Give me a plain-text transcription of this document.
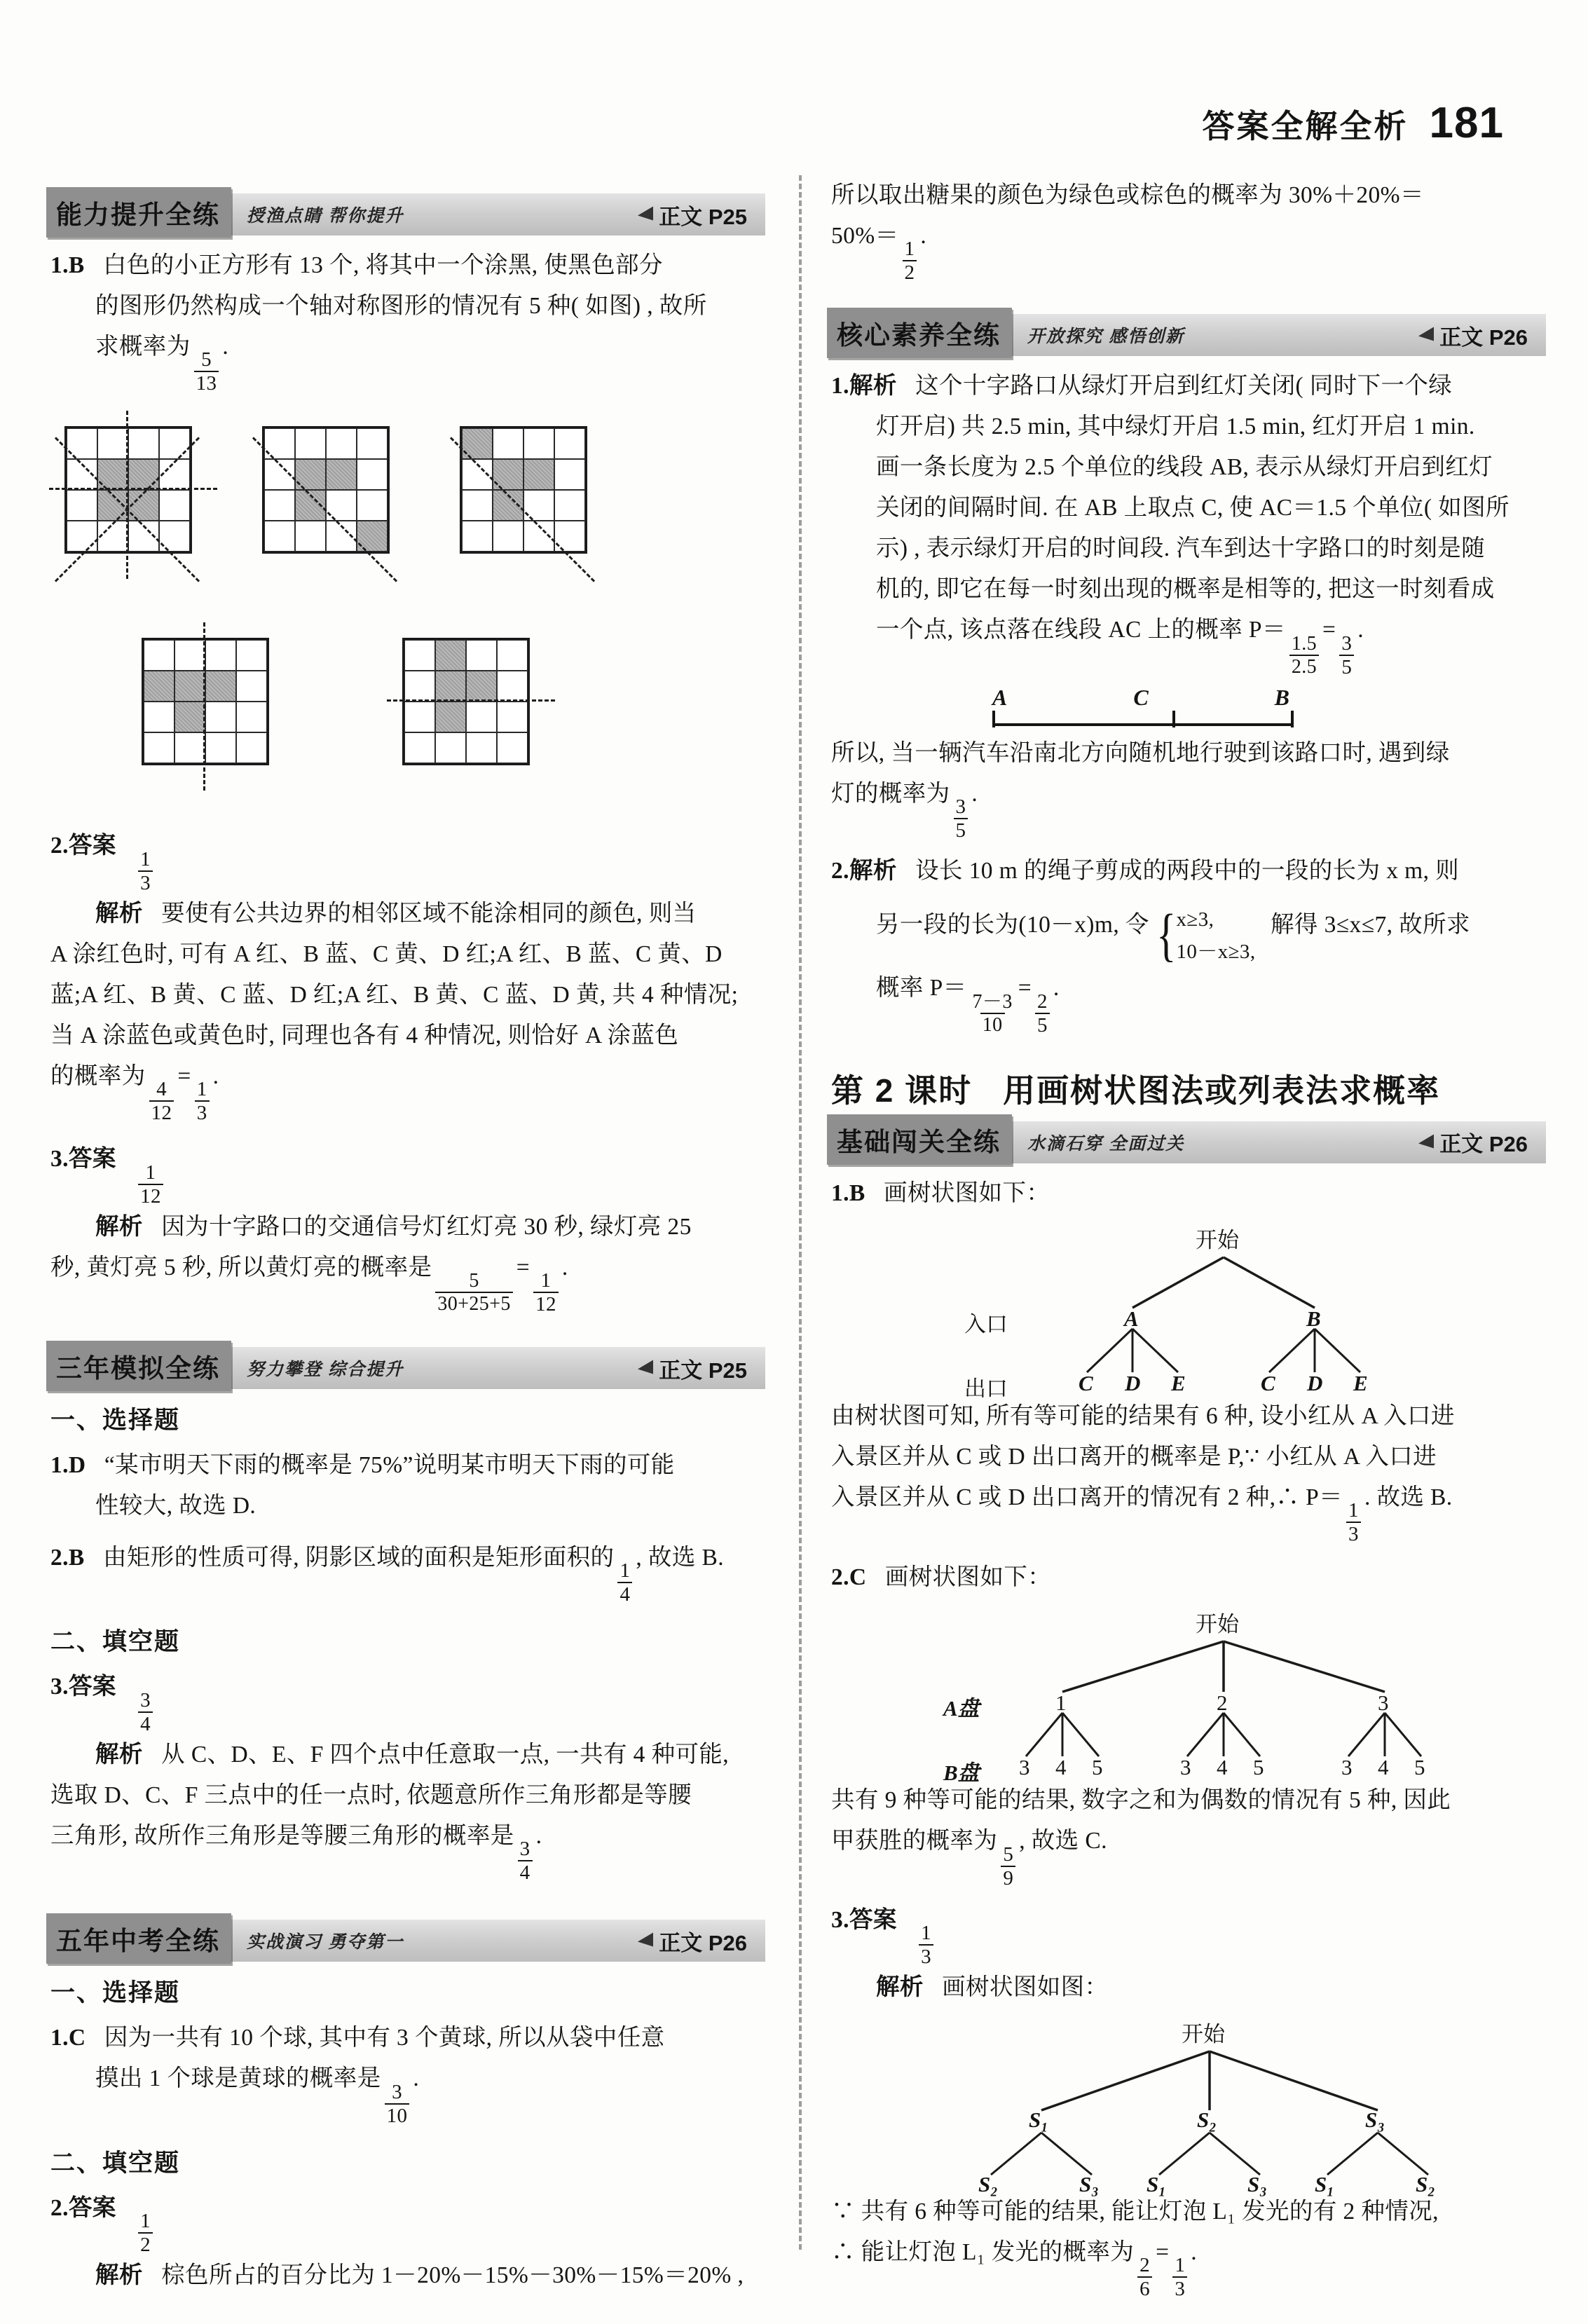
答案全解全析 181
能力提升全练	授渔点睛 帮你提升	正文 P25

1.B 白色的小正方形有 13 个, 将其中一个涂黑, 使黑色部分

的图形仍然构成一个轴对称图形的情况有 5 种( 如图) , 故所

求概率为
$\frac{5}{13}$
.

2.答案
$\frac{1}{3}$

解析 要使有公共边界的相邻区域不能涂相同的颜色, 则当

A 涂红色时, 可有 A 红、B 蓝、C 黄、D 红;A 红、B 蓝、C 黄、D

蓝;A 红、B 黄、C 蓝、D 红;A 红、B 黄、C 蓝、D 黄, 共 4 种情况;

当 A 涂蓝色或黄色时, 同理也各有 4 种情况, 则恰好 A 涂蓝色

的概率为
$\frac{4}{12}$
=
$\frac{1}{3}$
.

3.答案
$\frac{1}{12}$

解析 因为十字路口的交通信号灯红灯亮 30 秒, 绿灯亮 25

秒, 黄灯亮 5 秒, 所以黄灯亮的概率是
$\frac{5}{30+25+5}$
=
$\frac{1}{12}$
.

三年模拟全练	努力攀登 综合提升	正文 P25

一、选择题

1.D “某市明天下雨的概率是 75%”说明某市明天下雨的可能

性较大, 故选 D.

2.B 由矩形的性质可得, 阴影区域的面积是矩形面积的
$\frac{1}{4}$
, 故选 B.

二、填空题

3.答案
$\frac{3}{4}$

解析 从 C、D、E、F 四个点中任意取一点, 一共有 4 种可能,

选取 D、C、F 三点中的任一点时, 依题意所作三角形都是等腰

三角形, 故所作三角形是等腰三角形的概率是
$\frac{3}{4}$
.

五年中考全练	实战演习 勇夺第一	正文 P26

一、选择题

1.C 因为一共有 10 个球, 其中有 3 个黄球, 所以从袋中任意

摸出 1 个球是黄球的概率是
$\frac{3}{10}$
.

二、填空题

2.答案
$\frac{1}{2}$

解析 棕色所占的百分比为 1－20%－15%－30%－15%＝20% ,

所以取出糖果的颜色为绿色或棕色的概率为 30%＋20%＝

50%＝
$\frac{1}{2}$
.

核心素养全练	开放探究 感悟创新	正文 P26

1.解析 这个十字路口从绿灯开启到红灯关闭( 同时下一个绿

灯开启) 共 2.5 min, 其中绿灯开启 1.5 min, 红灯开启 1 min.

画一条长度为 2.5 个单位的线段 AB, 表示从绿灯开启到红灯

关闭的间隔时间. 在 AB 上取点 C, 使 AC＝1.5 个单位( 如图所

示) , 表示绿灯开启的时间段. 汽车到达十字路口的时刻是随

机的, 即它在每一时刻出现的概率是相等的, 把这一时刻看成

一个点, 该点落在线段 AC 上的概率 P＝
$\frac{1.5}{2.5}$
=
$\frac{3}{5}$
.

A	C	B

所以, 当一辆汽车沿南北方向随机地行驶到该路口时, 遇到绿

灯的概率为
$\frac{3}{5}$
.

2.解析 设长 10 m 的绳子剪成的两段中的一段的长为 x m, 则

另一段的长为(10－x)m, 令 { x≥3,
10－x≥3,
解得 3≤x≤7, 故所求

概率 P＝
$\frac{7-3}{10}$
=
$\frac{2}{5}$
.

第 2 课时 用画树状图法或列表法求概率
基础闯关全练	水滴石穿 全面过关	正文 P26

1.B 画树状图如下：

开始
入口	A	B
出口	C D E	C D E

由树状图可知, 所有等可能的结果有 6 种, 设小红从 A 入口进

入景区并从 C 或 D 出口离开的概率是 P,∵ 小红从 A 入口进

入景区并从 C 或 D 出口离开的情况有 2 种,∴ P＝
$\frac{1}{3}$
. 故选 B.

2.C 画树状图如下：

开始
A盘	1	2	3
B盘 3 4 5	3 4 5	3 4 5

共有 9 种等可能的结果, 数字之和为偶数的情况有 5 种, 因此

甲获胜的概率为
$\frac{5}{9}$
, 故选 C.

3.答案
$\frac{1}{3}$

解析 画树状图如图：

开始
S₁	S₂	S₃
S₂	S₃ S₁	S₃ S₁	S₂

∵ 共有 6 种等可能的结果, 能让灯泡 L₁ 发光的有 2 种情况,

∴ 能让灯泡 L₁ 发光的概率为
$\frac{2}{6}$
=
$\frac{1}{3}$
.
